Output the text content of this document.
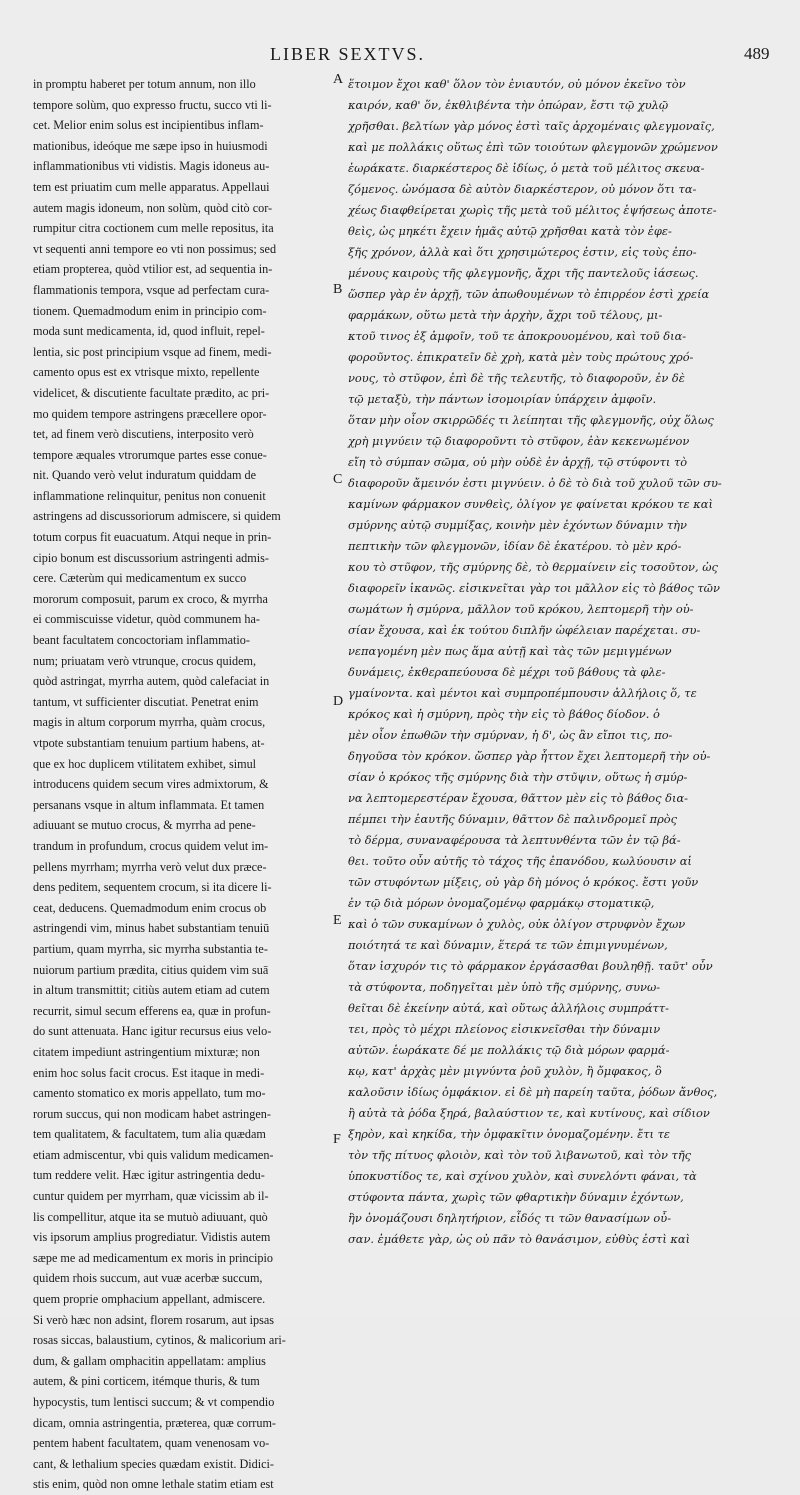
LIBER SEXTVS.	489
in promptu haberet per totum annum, non illo
tempore solùm, quo expresso fructu, succo vti li-
cet. Melior enim solus est incipientibus inflam-
mationibus, ideóque me sæpe ipso in huiusmodi
inflammationibus vti vidistis. Magis idoneus au-
tem est priuatim cum melle apparatus. Appellaui
autem magis idoneum, non solùm, quòd citò cor-
rumpitur citra coctionem cum melle repositus, ita
vt sequenti anni tempore eo vti non possimus; sed
etiam propterea, quòd vtilior est, ad sequentia in-
flammationis tempora, vsque ad perfectam cura-
tionem. Quemadmodum enim in principio com-
moda sunt medicamenta, id, quod influit, repel-
lentia, sic post principium vsque ad finem, medi-
camento opus est ex vtrisque mixto, repellente
videlicet, & discutiente facultate prædito, ac pri-
mo quidem tempore astringens præcellere opor-
tet, ad finem verò discutiens, interposito verò
tempore æquales vtrorumque partes esse conue-
nit. Quando verò velut induratum quiddam de
inflammatione relinquitur, penitus non conuenit
astringens ad discussoriorum admiscere, si quidem
totum corpus fit euacuatum. Atqui neque in prin-
cipio bonum est discussorium astringenti admis-
cere. Cæterùm qui medicamentum ex succo
mororum composuit, parum ex croco, & myrrha
ei commiscuisse videtur, quòd communem ha-
beant facultatem concoctoriam inflammatio-
num; priuatam verò vtrunque, crocus quidem,
quòd astringat, myrrha autem, quòd calefaciat in
tantum, vt sufficienter discutiat. Penetrat enim
magis in altum corporum myrrha, quàm crocus,
vtpote substantiam tenuium partium habens, at-
que ex hoc duplicem vtilitatem exhibet, simul
introducens quidem secum vires admixtorum, &
persanans vsque in altum inflammata. Et tamen
adiuuant se mutuo crocus, & myrrha ad pene-
trandum in profundum, crocus quidem velut im-
pellens myrrham; myrrha verò velut dux præce-
dens peditem, sequentem crocum, si ita dicere li-
ceat, deducens. Quemadmodum enim crocus ob
astringendi vim, minus habet substantiam tenuiū
partium, quam myrrha, sic myrrha substantia te-
nuiorum partium prædita, citius quidem vim suā
in altum transmittit; citiùs autem etiam ad cutem
recurrit, simul secum efferens ea, quæ in profun-
do sunt attenuata. Hanc igitur recursus eius velo-
citatem impediunt astringentium mixturæ; non
enim hoc solus facit crocus. Est itaque in medi-
camento stomatico ex moris appellato, tum mo-
rorum succus, qui non modicam habet astringen-
tem qualitatem, & facultatem, tum alia quædam
etiam admiscentur, vbi quis validum medicamen-
tum reddere velit. Hæc igitur astringentia dedu-
cuntur quidem per myrrham, quæ vicissim ab il-
lis compellitur, atque ita se mutuò adiuuant, quò
vis ipsorum amplius progrediatur. Vidistis autem
sæpe me ad medicamentum ex moris in principio
quidem rhois succum, aut vuæ acerbæ succum,
quem proprie omphacium appellant, admiscere.
Si verò hæc non adsint, florem rosarum, aut ipsas
rosas siccas, balaustium, cytinos, & malicorium ari-
dum, & gallam omphacitin appellatam: amplius
autem, & pini corticem, itémque thuris, & tum
hypocystis, tum lentisci succum; & vt compendio
dicam, omnia astringentia, præterea, quæ corrum-
pentem habent facultatem, quam venenosam vo-
cant, & lethalium species quædam existit. Didici-
stis enim, quòd non omne lethale statim etiam est
A
B
C
D
E
F
ἕτοιμον ἔχοι καθ' ὅλον τὸν ἐνιαυτόν, οὐ μόνον ἐκεῖνο τὸν
καιρόν, καθ' ὅν, ἐκθλιβέντα τὴν ὀπώραν, ἔστι τῷ χυλῷ
χρῆσθαι. βελτίων γὰρ μόνος ἐστὶ ταῖς ἀρχομέναις φλεγμοναῖς,
καὶ με πολλάκις οὕτως ἐπὶ τῶν τοιούτων φλεγμονῶν χρώμενον
ἑωράκατε. διαρκέστερος δὲ ἰδίως, ὁ μετὰ τοῦ μέλιτος σκευα-
ζόμενος. ὠνόμασα δὲ αὐτὸν διαρκέστερον, οὐ μόνον ὅτι τα-
χέως διαφθείρεται χωρὶς τῆς μετὰ τοῦ μέλιτος ἑψήσεως ἀποτε-
θεὶς, ὡς μηκέτι ἔχειν ἡμᾶς αὐτῷ χρῆσθαι κατὰ τὸν ἐφε-
ξῆς χρόνον, ἀλλὰ καὶ ὅτι χρησιμώτερος ἐστιν, εἰς τοὺς ἐπο-
μένους καιροὺς τῆς φλεγμονῆς, ἄχρι τῆς παντελοῦς ἰάσεως.
ὥσπερ γὰρ ἐν ἀρχῇ, τῶν ἀπωθουμένων τὸ ἐπιρρέον ἐστὶ χρεία
φαρμάκων, οὕτω μετὰ τὴν ἀρχὴν, ἄχρι τοῦ τέλους, μι-
κτοῦ τινος ἐξ ἀμφοῖν, τοῦ τε ἀποκρουομένου, καὶ τοῦ δια-
φοροῦντος. ἐπικρατεῖν δὲ χρὴ, κατὰ μὲν τοὺς πρώτους χρό-
νους, τὸ στῦφον, ἐπὶ δὲ τῆς τελευτῆς, τὸ διαφοροῦν, ἐν δὲ
τῷ μεταξὺ, τὴν πάντων ἰσομοιρίαν ὑπάρχειν ἀμφοῖν.
ὅταν μὴν οἷον σκιρρῶδές τι λείπηται τῆς φλεγμονῆς, οὐχ ὅλως
χρὴ μιγνύειν τῷ διαφοροῦντι τὸ στῦφον, ἐὰν κεκενωμένον
εἴη τὸ σύμπαν σῶμα, οὐ μὴν οὐδὲ ἐν ἀρχῇ, τῷ στύφοντι τὸ
διαφοροῦν ἄμεινόν ἐστι μιγνύειν. ὁ δὲ τὸ διὰ τοῦ χυλοῦ τῶν συ-
καμίνων φάρμακον συνθεὶς, ὀλίγον γε φαίνεται κρόκου τε καὶ
σμύρνης αὐτῷ συμμίξας, κοινὴν μὲν ἐχόντων δύναμιν τὴν
πεπτικὴν τῶν φλεγμονῶν, ἰδίαν δὲ ἑκατέρου. τὸ μὲν κρό-
κου τὸ στῦφον, τῆς σμύρνης δὲ, τὸ θερμαίνειν εἰς τοσοῦτον, ὡς
διαφορεῖν ἱκανῶς. εἰσικνεῖται γὰρ τοι μᾶλλον εἰς τὸ βάθος τῶν
σωμάτων ἡ σμύρνα, μᾶλλον τοῦ κρόκου, λεπτομερῆ τὴν οὐ-
σίαν ἔχουσα, καὶ ἐκ τούτου διπλῆν ὠφέλειαν παρέχεται. συ-
νεπαγομένη μὲν πως ἅμα αὐτῇ καὶ τὰς τῶν μεμιγμένων
δυνάμεις, ἐκθεραπεύουσα δὲ μέχρι τοῦ βάθους τὰ φλε-
γμαίνοντα. καὶ μέντοι καὶ συμπροπέμπουσιν ἀλλήλοις ὅ, τε
κρόκος καὶ ἡ σμύρνη, πρὸς τὴν εἰς τὸ βάθος δίοδον. ὁ
μὲν οἷον ἐπωθῶν τὴν σμύρναν, ἡ δ', ὡς ἂν εἴποι τις, πο-
δηγοῦσα τὸν κρόκον. ὥσπερ γὰρ ἧττον ἔχει λεπτομερῆ τὴν οὐ-
σίαν ὁ κρόκος τῆς σμύρνης διὰ τὴν στῦψιν, οὕτως ἡ σμύρ-
να λεπτομερεστέραν ἔχουσα, θᾶττον μὲν εἰς τὸ βάθος δια-
πέμπει τὴν ἑαυτῆς δύναμιν, θᾶττον δὲ παλινδρομεῖ πρὸς
τὸ δέρμα, συναναφέρουσα τὰ λεπτυνθέντα τῶν ἐν τῷ βά-
θει. τοῦτο οὖν αὐτῆς τὸ τάχος τῆς ἐπανόδου, κωλύουσιν αἱ
τῶν στυφόντων μίξεις, οὐ γὰρ δὴ μόνος ὁ κρόκος. ἔστι γοῦν
ἐν τῷ διὰ μόρων ὀνομαζομένῳ φαρμάκῳ στοματικῷ,
καὶ ὁ τῶν συκαμίνων ὁ χυλὸς, οὐκ ὀλίγον στρυφνὸν ἔχων
ποιότητά τε καὶ δύναμιν, ἕτερά τε τῶν ἐπιμιγνυμένων,
ὅταν ἰσχυρόν τις τὸ φάρμακον ἐργάσασθαι βουληθῇ. ταῦτ' οὖν
τὰ στύφοντα, ποδηγεῖται μὲν ὑπὸ τῆς σμύρνης, συνω-
θεῖται δὲ ἐκείνην αὐτά, καὶ οὕτως ἀλλήλοις συμπράττ-
τει, πρὸς τὸ μέχρι πλείονος εἰσικνεῖσθαι τὴν δύναμιν
αὐτῶν. ἑωράκατε δέ με πολλάκις τῷ διὰ μόρων φαρμά-
κῳ, κατ' ἀρχὰς μὲν μιγνύντα ῥοῦ χυλὸν, ἢ ὄμφακος, ὃ
καλοῦσιν ἰδίως ὀμφάκιον. εἰ δὲ μὴ παρείη ταῦτα, ῥόδων ἄνθος,
ἢ αὐτὰ τὰ ῥόδα ξηρά, βαλαύστιον τε, καὶ κυτίνους, καὶ σίδιον
ξηρὸν, καὶ κηκίδα, τὴν ὀμφακῖτιν ὀνομαζομένην. ἔτι τε
τὸν τῆς πίτυος φλοιὸν, καὶ τὸν τοῦ λιβανωτοῦ, καὶ τὸν τῆς
ὑποκυστίδος τε, καὶ σχίνου χυλὸν, καὶ συνελόντι φάναι, τὰ
στύφοντα πάντα, χωρὶς τῶν φθαρτικὴν δύναμιν ἐχόντων,
ἣν ὀνομάζουσι δηλητήριον, εἶδός τι τῶν θανασίμων οὖ-
σαν. ἐμάθετε γὰρ, ὡς οὐ πᾶν τὸ θανάσιμον, εὐθὺς ἐστὶ καὶ
